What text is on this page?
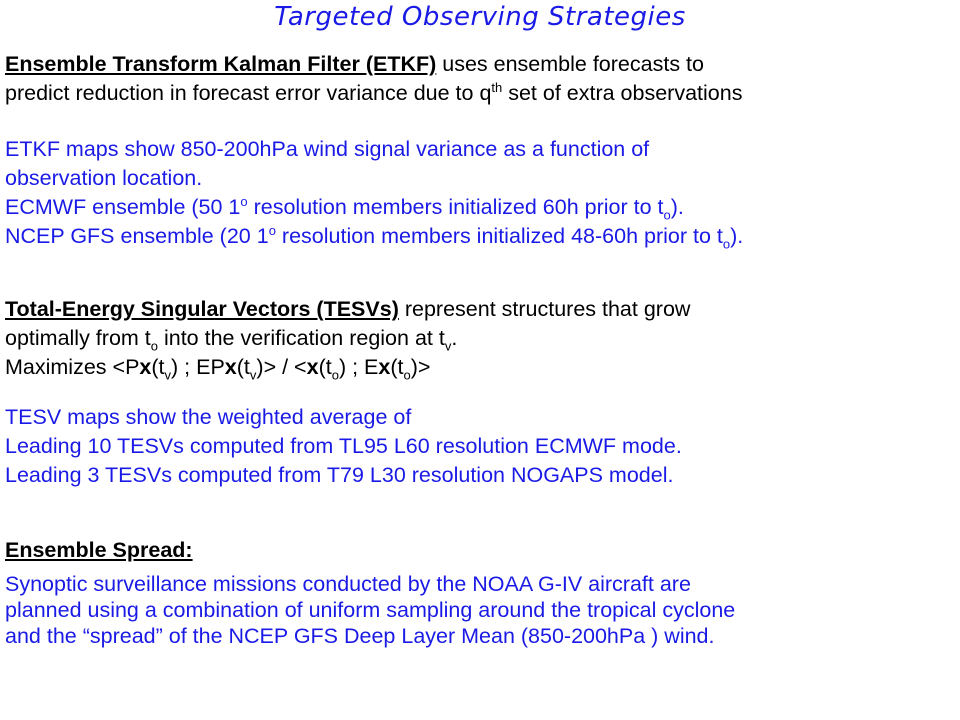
Targeted Observing Strategies
Ensemble Transform Kalman Filter (ETKF) uses ensemble forecasts to
predict reduction in forecast error variance due to $q^{th}$ set of extra observations
ETKF maps show 850-200hPa wind signal variance as a function of
observation location.
ECMWF ensemble (50 1$^o$ resolution members initialized 60h prior to $t_o$).
NCEP GFS ensemble (20 1$^o$ resolution members initialized 48-60h prior to $t_o$).
Total-Energy Singular Vectors (TESVs) represent structures that grow
optimally from $t_o$ into the verification region at $t_v$.
Maximizes $<Px(t_v)$ ; $EPx(t_v)> / <x(t_o)$ ; $Ex(t_o)>$
TESV maps show the weighted average of
Leading 10 TESVs computed from TL95 L60 resolution ECMWF mode.
Leading 3 TESVs computed from T79 L30 resolution NOGAPS model.
Ensemble Spread:
Synoptic surveillance missions conducted by the NOAA G-IV aircraft are
planned using a combination of uniform sampling around the tropical cyclone
and the “spread” of the NCEP GFS Deep Layer Mean (850-200hPa ) wind.
